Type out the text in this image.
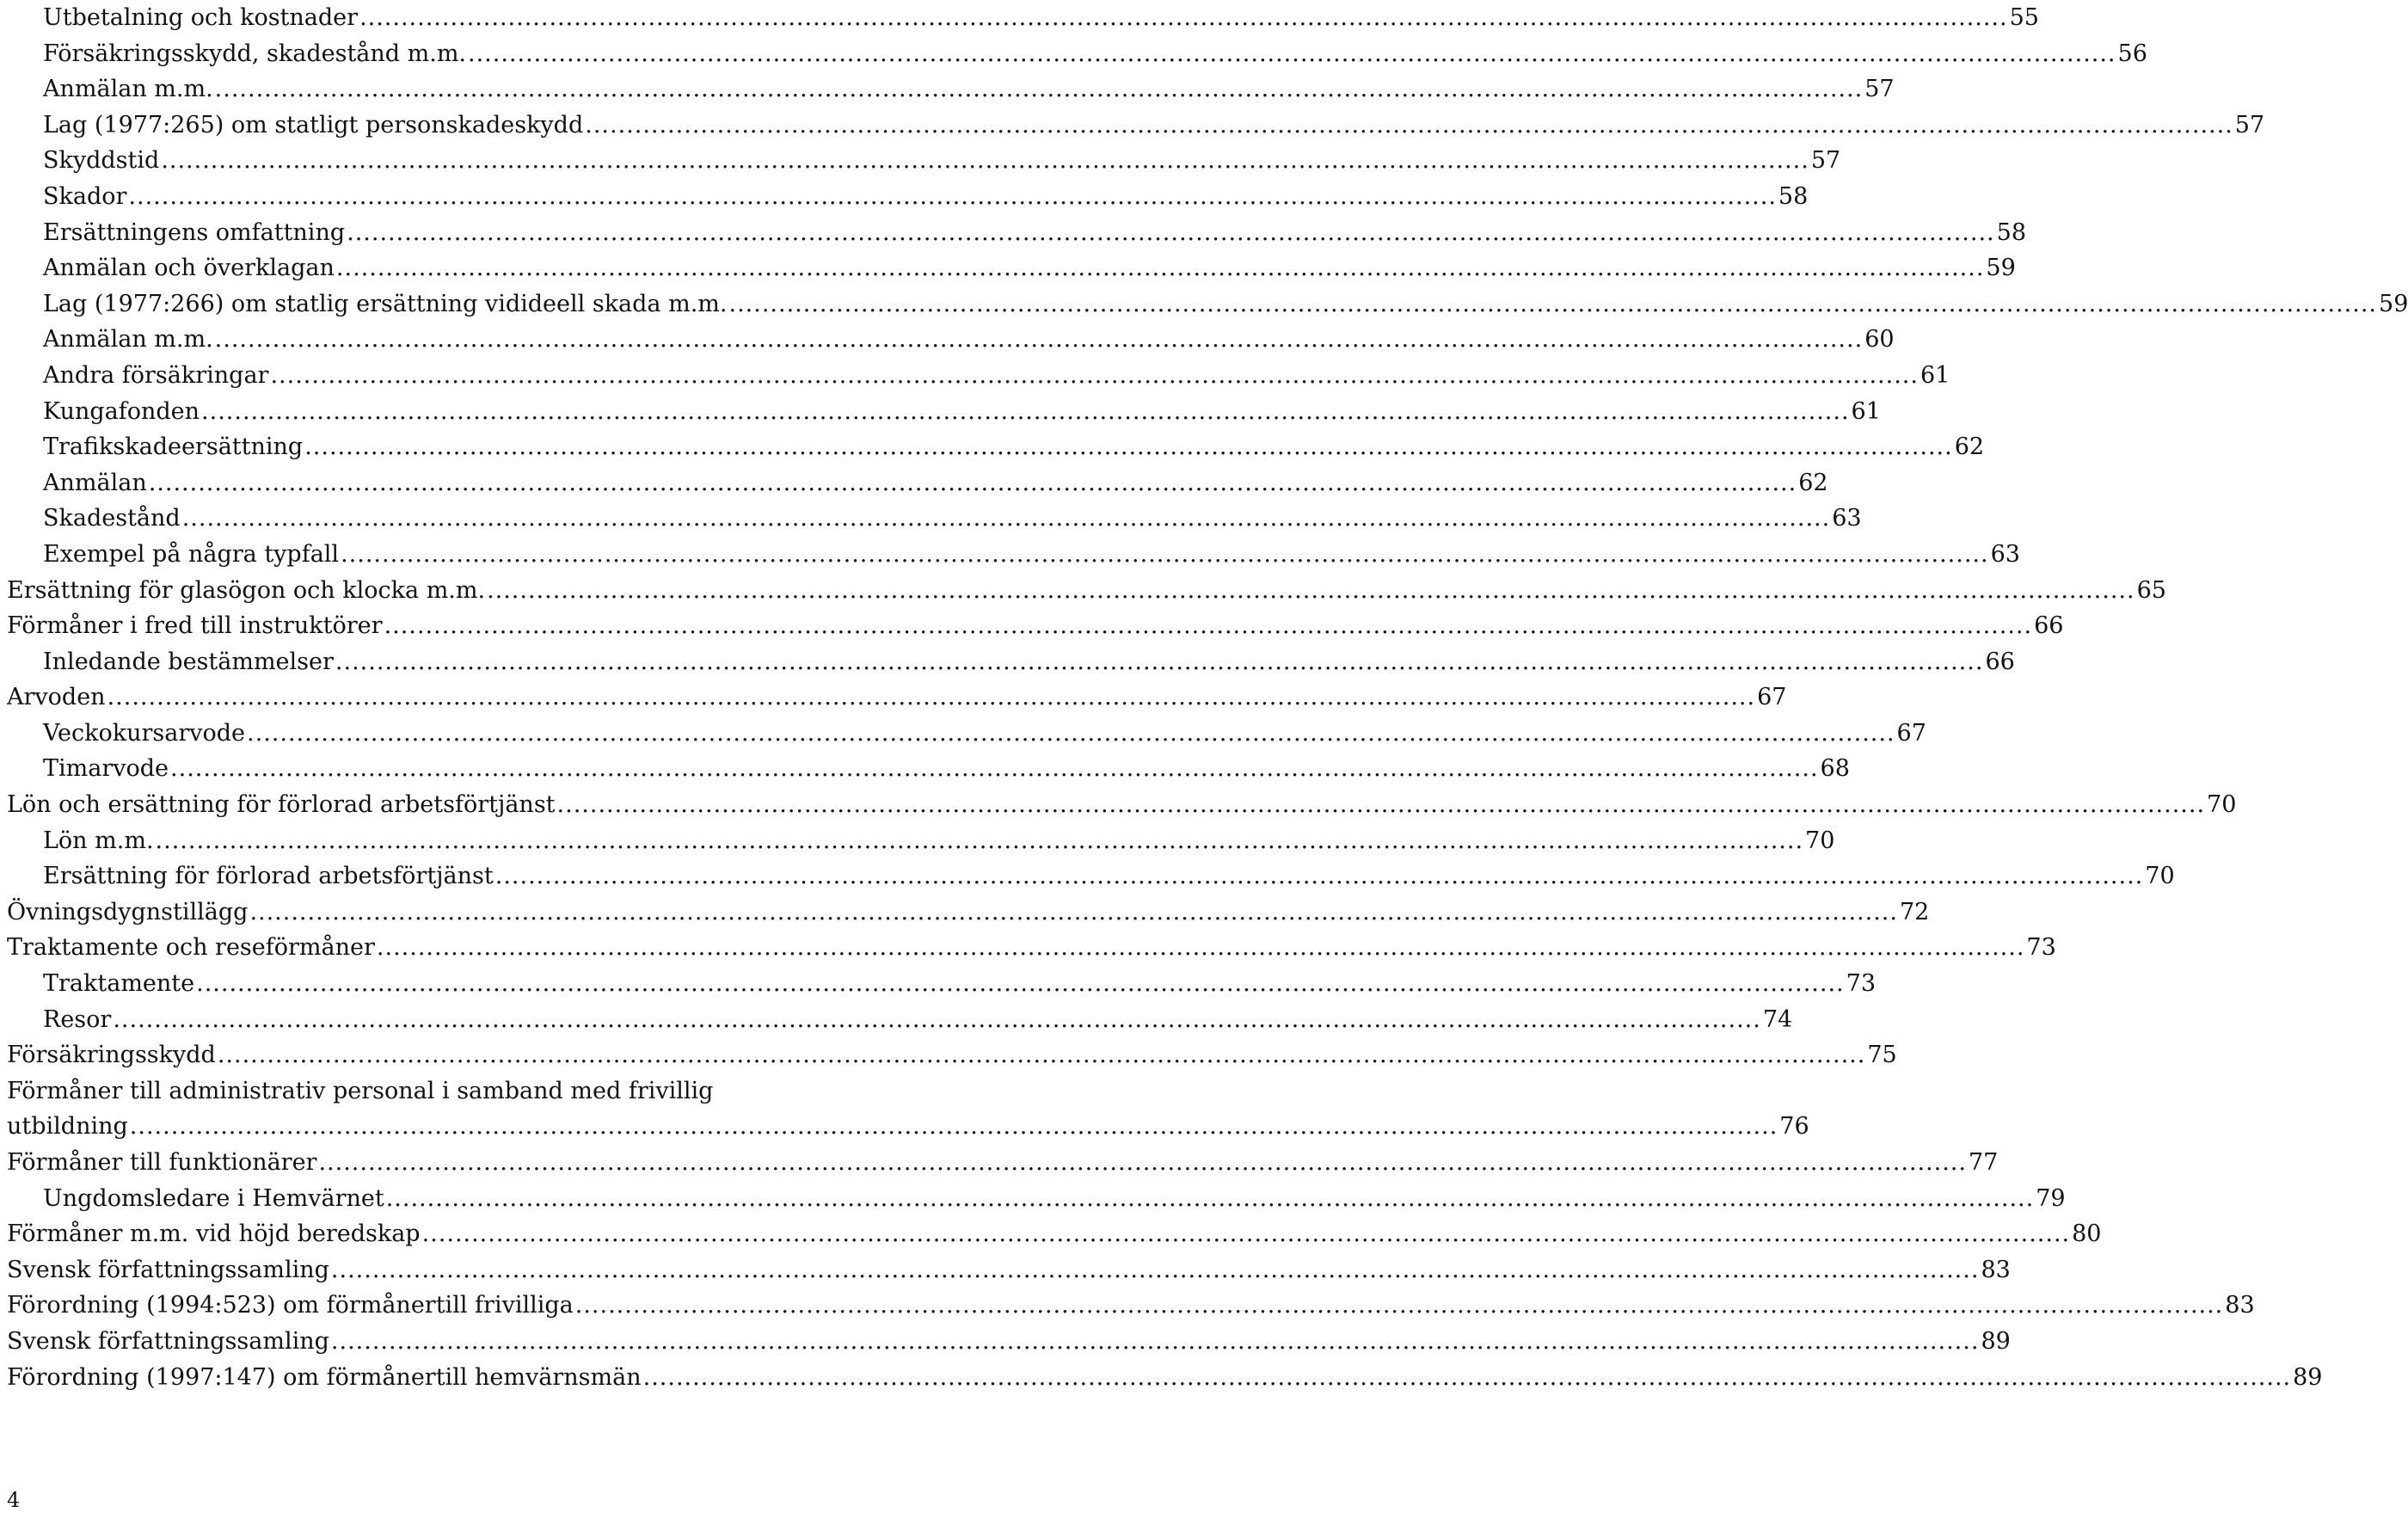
Utbetalning och kostnader ........................................................................................................................................................................................................ 55
Försäkringsskydd, skadestånd m.m. ........................................................................................................................................................................................................ 56
Anmälan m.m. ........................................................................................................................................................................................................ 57
Lag (1977:265) om statligt personskadeskydd ........................................................................................................................................................................................................ 57
Skyddstid ........................................................................................................................................................................................................ 57
Skador ........................................................................................................................................................................................................ 58
Ersättningens omfattning ........................................................................................................................................................................................................ 58
Anmälan och överklagan ........................................................................................................................................................................................................ 59
Lag (1977:266) om statlig ersättning vidideell skada m.m. ........................................................................................................................................................................................................ 59
Anmälan m.m. ........................................................................................................................................................................................................ 60
Andra försäkringar ........................................................................................................................................................................................................ 61
Kungafonden ........................................................................................................................................................................................................ 61
Trafikskadeersättning ........................................................................................................................................................................................................ 62
Anmälan ........................................................................................................................................................................................................ 62
Skadestånd ........................................................................................................................................................................................................ 63
Exempel på några typfall ........................................................................................................................................................................................................ 63
Ersättning för glasögon och klocka m.m. ........................................................................................................................................................................................................ 65
Förmåner i fred till instruktörer ........................................................................................................................................................................................................ 66
Inledande bestämmelser ........................................................................................................................................................................................................ 66
Arvoden ........................................................................................................................................................................................................ 67
Veckokursarvode ........................................................................................................................................................................................................ 67
Timarvode ........................................................................................................................................................................................................ 68
Lön och ersättning för förlorad arbetsförtjänst ........................................................................................................................................................................................................ 70
Lön m.m. ........................................................................................................................................................................................................ 70
Ersättning för förlorad arbetsförtjänst ........................................................................................................................................................................................................ 70
Övningsdygnstillägg ........................................................................................................................................................................................................ 72
Traktamente och reseförmåner ........................................................................................................................................................................................................ 73
Traktamente ........................................................................................................................................................................................................ 73
Resor ........................................................................................................................................................................................................ 74
Försäkringsskydd ........................................................................................................................................................................................................ 75
Förmåner till administrativ personal i samband med frivillig
utbildning ........................................................................................................................................................................................................ 76
Förmåner till funktionärer ........................................................................................................................................................................................................ 77
Ungdomsledare i Hemvärnet ........................................................................................................................................................................................................ 79
Förmåner m.m. vid höjd beredskap ........................................................................................................................................................................................................ 80
Svensk författningssamling ........................................................................................................................................................................................................ 83
Förordning (1994:523) om förmånertill frivilliga ........................................................................................................................................................................................................ 83
Svensk författningssamling ........................................................................................................................................................................................................ 89
Förordning (1997:147) om förmånertill hemvärnsmän ........................................................................................................................................................................................................ 89
4
